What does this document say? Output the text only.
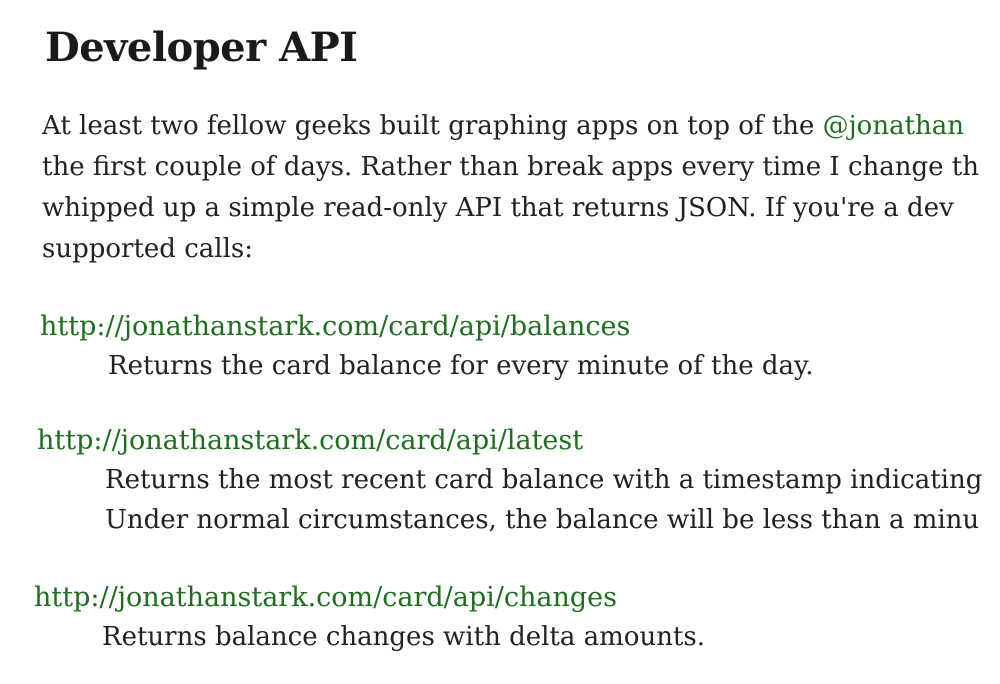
Developer API
At least two fellow geeks built graphing apps on top of the @jonathan
the first couple of days. Rather than break apps every time I change th
whipped up a simple read-only API that returns JSON. If you're a dev
supported calls:
http://jonathanstark.com/card/api/balances
Returns the card balance for every minute of the day.
http://jonathanstark.com/card/api/latest
Returns the most recent card balance with a timestamp indicating
Under normal circumstances, the balance will be less than a minu
http://jonathanstark.com/card/api/changes
Returns balance changes with delta amounts.
